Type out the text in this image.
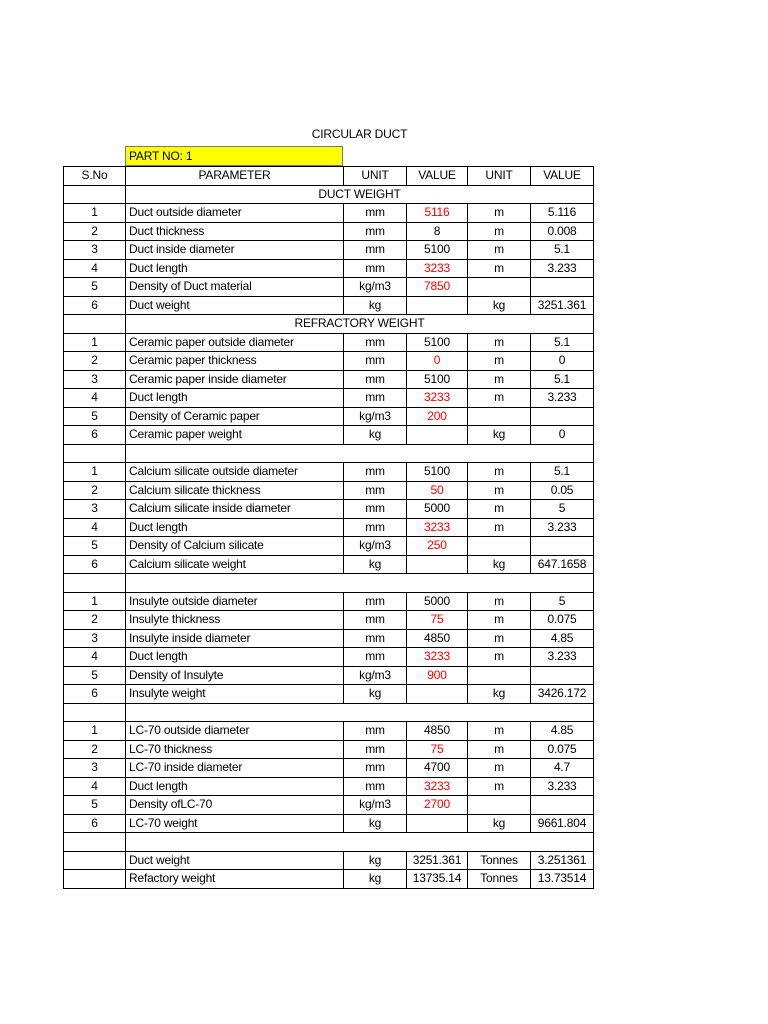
CIRCULAR DUCT
PART NO: 1
S.No	PARAMETER	UNIT	VALUE	UNIT	VALUE
	DUCT WEIGHT				
1	Duct outside diameter	mm	5116	m	5.116
2	Duct thickness	mm	8	m	0.008
3	Duct inside diameter	mm	5100	m	5.1
4	Duct length	mm	3233	m	3.233
5	Density of Duct material	kg/m3	7850		
6	Duct weight	kg		kg	3251.361
	REFRACTORY WEIGHT				
1	Ceramic paper outside diameter	mm	5100	m	5.1
2	Ceramic paper thickness	mm	0	m	0
3	Ceramic paper inside diameter	mm	5100	m	5.1
4	Duct length	mm	3233	m	3.233
5	Density of Ceramic paper	kg/m3	200		
6	Ceramic paper weight	kg		kg	0

1	Calcium silicate outside diameter	mm	5100	m	5.1
2	Calcium silicate thickness	mm	50	m	0.05
3	Calcium silicate inside diameter	mm	5000	m	5
4	Duct length	mm	3233	m	3.233
5	Density of Calcium silicate	kg/m3	250		
6	Calcium silicate weight	kg		kg	647.1658

1	Insulyte outside diameter	mm	5000	m	5
2	Insulyte thickness	mm	75	m	0.075
3	Insulyte inside diameter	mm	4850	m	4.85
4	Duct length	mm	3233	m	3.233
5	Density of Insulyte	kg/m3	900		
6	Insulyte weight	kg		kg	3426.172

1	LC-70 outside diameter	mm	4850	m	4.85
2	LC-70 thickness	mm	75	m	0.075
3	LC-70 inside diameter	mm	4700	m	4.7
4	Duct length	mm	3233	m	3.233
5	Density ofLC-70	kg/m3	2700		
6	LC-70 weight	kg		kg	9661.804

	Duct weight	kg	3251.361	Tonnes	3.251361
	Refactory weight	kg	13735.14	Tonnes	13.73514
